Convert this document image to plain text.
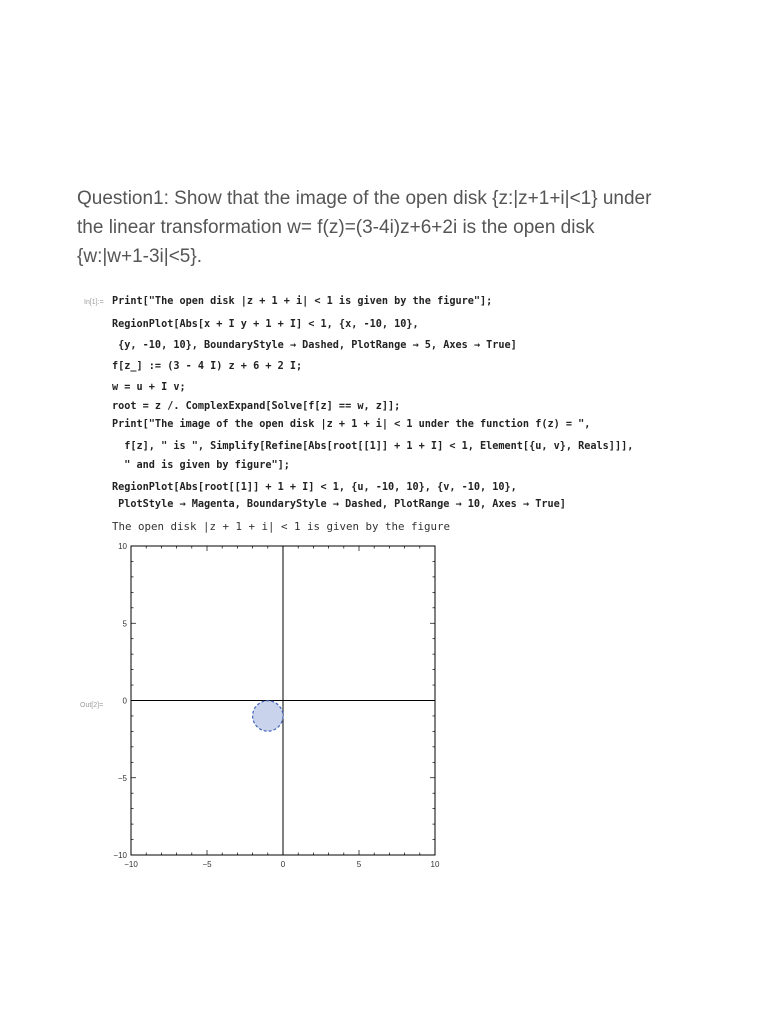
Question1: Show that the image of the open disk {z:|z+1+i|<1} under
the linear transformation w= f(z)=(3-4i)z+6+2i is the open disk
{w:|w+1-3i|<5}.
In[1]:= Print["The open disk |z + 1 + i| < 1 is given by the figure"];
RegionPlot[Abs[x + I y + 1 + I] < 1, {x, -10, 10},
{y, -10, 10}, BoundaryStyle → Dashed, PlotRange → 5, Axes → True]
f[z_] := (3 - 4 I) z + 6 + 2 I;
w = u + I v;
root = z /. ComplexExpand[Solve[f[z] == w, z]];
Print["The image of the open disk |z + 1 + i| < 1 under the function f(z) = ",
f[z], " is ", Simplify[Refine[Abs[root[[1]] + 1 + I] < 1, Element[{u, v}, Reals]]],
" and is given by figure"];
RegionPlot[Abs[root[[1]] + 1 + I] < 1, {u, -10, 10}, {v, -10, 10},
PlotStyle → Magenta, BoundaryStyle → Dashed, PlotRange → 10, Axes → True]
The open disk |z + 1 + i| < 1 is given by the figure
Out[2]=
−10	−5	0	5	10
−10
−5
0
5
10
